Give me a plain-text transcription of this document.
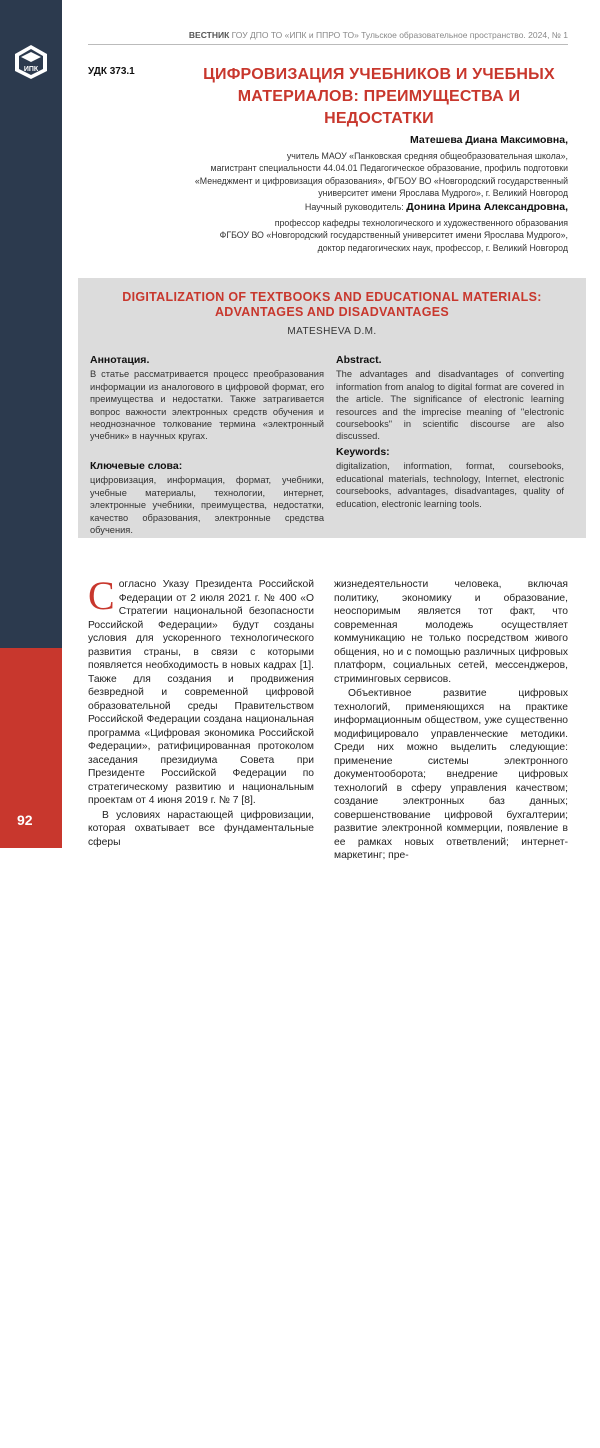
ИПК
ПЕДАГОГИЧЕСКИЙ КАЛЕЙДОСКОП
92
ВЕСТНИК ГОУ ДПО ТО «ИПК и ППРО ТО» Тульское образовательное пространство. 2024, № 1
УДК 373.1	ЦИФРОВИЗАЦИЯ УЧЕБНИКОВ И УЧЕБНЫХ МАТЕРИАЛОВ: ПРЕИМУЩЕСТВА И НЕДОСТАТКИ
Матешева Диана Максимовна,
учитель МАОУ «Панковская средняя общеобразовательная школа»,
магистрант специальности 44.04.01 Педагогическое образование, профиль подготовки
«Менеджмент и цифровизация образования», ФГБОУ ВО «Новгородский государственный
университет имени Ярослава Мудрого», г. Великий Новгород
Научный руководитель: Донина Ирина Александровна,
профессор кафедры технологического и художественного образования
ФГБОУ ВО «Новгородский государственный университет имени Ярослава Мудрого»,
доктор педагогических наук, профессор, г. Великий Новгород
DIGITALIZATION OF TEXTBOOKS AND EDUCATIONAL MATERIALS:
ADVANTAGES AND DISADVANTAGES
MATESHEVA D.M.
Аннотация.
В статье рассматривается процесс преобразования информации из аналогового в цифровой формат, его преимущества и недостатки. Также затрагивается вопрос важности электронных средств обучения и неоднозначное толкование термина «электронный учебник» в научных кругах.
Ключевые слова:
цифровизация, информация, формат, учебники, учебные материалы, технологии, интернет, электронные учебники, преимущества, недостатки, качество образования, электронные средства обучения.
Abstract.
The advantages and disadvantages of converting information from analog to digital format are covered in the article. The significance of electronic learning resources and the imprecise meaning of "electronic coursebooks" in scientific discourse are also discussed.
Keywords:
digitalization, information, format, coursebooks, educational materials, technology, Internet, electronic coursebooks, advantages, disadvantages, quality of education, electronic learning tools.
Согласно Указу Президента Российской Федерации от 2 июля 2021 г. № 400 «О Стратегии национальной безопасности Российской Федерации» будут созданы условия для ускоренного технологического развития страны, в связи с которыми появляется необходимость в новых кадрах [1]. Также для создания и продвижения безвредной и современной цифровой образовательной среды Правительством Российской Федерации создана национальная программа «Цифровая экономика Российской Федерации», ратифицированная протоколом заседания президиума Совета при Президенте Российской Федерации по стратегическому развитию и национальным проектам от 4 июня 2019 г. № 7 [8].
В условиях нарастающей цифровизации, которая охватывает все фундаментальные сферы
жизнедеятельности человека, включая политику, экономику и образование, неоспоримым является тот факт, что современная молодежь осуществляет коммуникацию не только посредством живого общения, но и с помощью различных цифровых платформ, социальных сетей, мессенджеров, стриминговых сервисов.
Объективное развитие цифровых технологий, применяющихся на практике информационным обществом, уже существенно модифицировало управленческие методики. Среди них можно выделить следующие: применение системы электронного документооборота; внедрение цифровых технологий в сферу управления качеством; создание электронных баз данных; совершенствование цифровой бухгалтерии; развитие электронной коммерции, появление в ее рамках новых ответвлений; интернет-маркетинг; пре-
